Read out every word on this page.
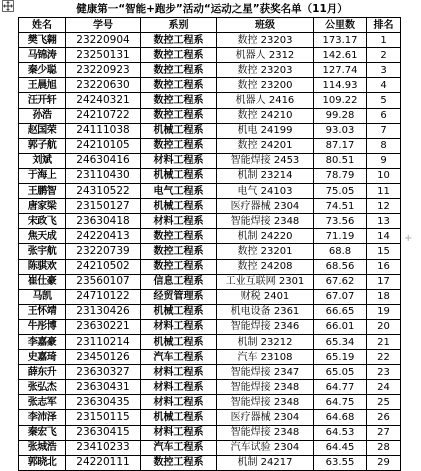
健康第一“智能+跑步”活动“运动之星”获奖名单（11月）
姓名	学号	系别	班级	公里数	排名
樊飞翱	23220904	数控工程系	数控 23203	173.17	1
马锦涛	23250131	数控工程系	机器人 2312	142.61	2
秦少聪	23220923	数控工程系	数控 23203	127.74	3
王晨旭	23220630	数控工程系	数控 23200	114.93	4
汪开轩	24240321	数控工程系	机器人 2416	109.22	5
孙浩	24210722	数控工程系	数控 24210	99.28	6
赵国荣	24111038	机械工程系	机电 24199	93.03	7
郭子航	24210105	数控工程系	数控 24201	87.17	8
刘斌	24630416	材料工程系	智能焊接 2453	80.51	9
于海上	23110430	机械工程系	机制 23214	78.79	10
王鹏智	24310522	电气工程系	电气 24103	75.05	11
唐家梁	23150127	机械工程系	医疗器械 2304	74.51	12
宋政飞	23630418	材料工程系	智能焊接 2348	73.56	13
焦天成	24220413	数控工程系	机制 24220	71.19	14
张宇航	23220739	数控工程系	数控 23201	68.8	15
陈骐欢	24210502	数控工程系	数控 24208	68.56	16
崔仕豪	23560107	信息工程系	工业互联网 2301	67.62	17
马凯	24710122	经贸管理系	财税 2401	67.07	18
王怀靖	23130426	机械工程系	机电设备 2361	66.65	19
牛彤博	23630221	材料工程系	智能焊接 2346	66.01	20
李嘉豪	23110214	机械工程系	机制 23212	65.34	21
史嘉琦	23450126	汽车工程系	汽车 23108	65.19	22
薛东升	23630327	材料工程系	智能焊接 2347	65.05	23
张弘杰	23630431	材料工程系	智能焊接 2348	64.77	24
张志军	23630435	材料工程系	智能焊接 2348	64.75	25
李沛泽	23150115	机械工程系	医疗器械 2304	64.68	26
秦宏飞	23630415	材料工程系	智能焊接 2348	64.53	27
张城浩	23410233	汽车工程系	汽车试验 2304	64.45	28
郭晓北	24220111	数控工程系	机制 24217	63.55	29
+
